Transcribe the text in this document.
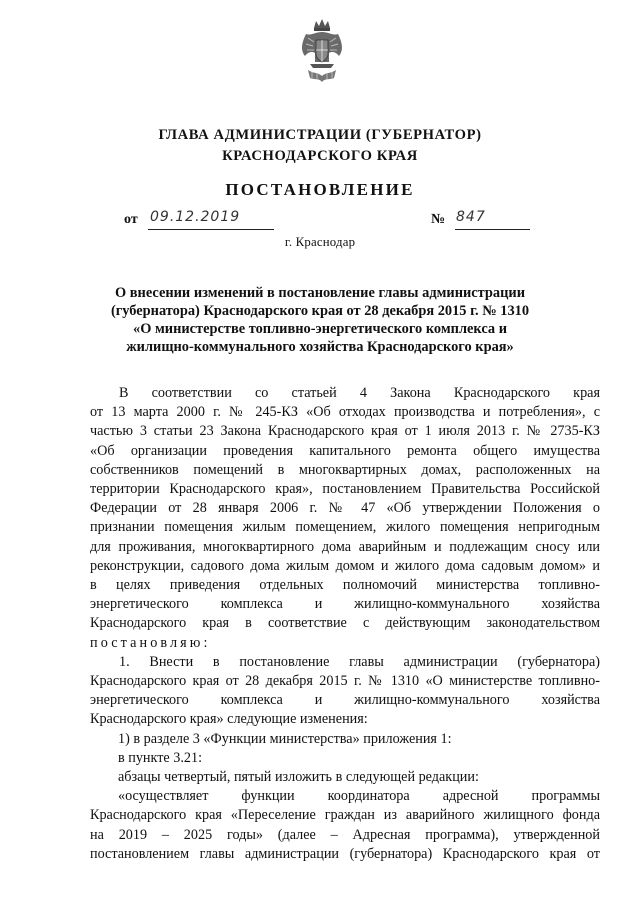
ГЛАВА АДМИНИСТРАЦИИ (ГУБЕРНАТОР)
КРАСНОДАРСКОГО КРАЯ
ПОСТАНОВЛЕНИЕ
от 09.12.2019	№ 847
г. Краснодар
О внесении изменений в постановление главы администрации
(губернатора) Краснодарского края от 28 декабря 2015 г. № 1310
«О министерстве топливно-энергетического комплекса и
жилищно-коммунального хозяйства Краснодарского края»
В соответствии со статьей 4 Закона Краснодарского края
от 13 марта 2000 г. № 245-КЗ «Об отходах производства и потребления», с
частью 3 статьи 23 Закона Краснодарского края от 1 июля 2013 г. № 2735-КЗ
«Об организации проведения капитального ремонта общего имущества
собственников помещений в многоквартирных домах, расположенных на
территории Краснодарского края», постановлением Правительства Российской
Федерации от 28 января 2006 г. № 47 «Об утверждении Положения о
признании помещения жилым помещением, жилого помещения непригодным
для проживания, многоквартирного дома аварийным и подлежащим сносу или
реконструкции, садового дома жилым домом и жилого дома садовым домом» и
в целях приведения отдельных полномочий министерства топливно-
энергетического комплекса и жилищно-коммунального хозяйства
Краснодарского края в соответствие с действующим законодательством
постановляю:
1. Внести в постановление главы администрации (губернатора)
Краснодарского края от 28 декабря 2015 г. № 1310 «О министерстве топливно-
энергетического комплекса и жилищно-коммунального хозяйства
Краснодарского края» следующие изменения:
1) в разделе 3 «Функции министерства» приложения 1:
в пункте 3.21:
абзацы четвертый, пятый изложить в следующей редакции:
«осуществляет функции координатора адресной программы
Краснодарского края «Переселение граждан из аварийного жилищного фонда
на 2019 – 2025 годы» (далее – Адресная программа), утвержденной
постановлением главы администрации (губернатора) Краснодарского края от
